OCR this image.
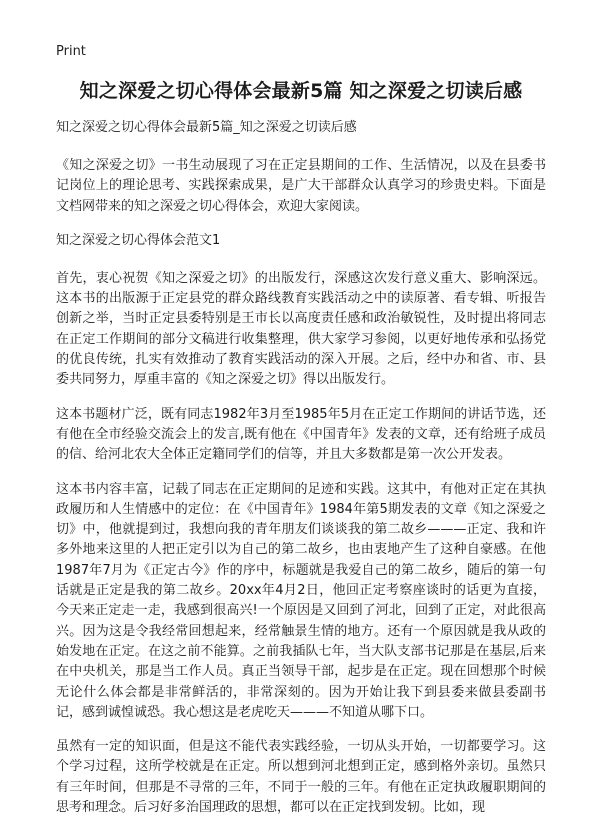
Print
知之深爱之切心得体会最新5篇 知之深爱之切读后感
知之深爱之切心得体会最新5篇_知之深爱之切读后感

《知之深爱之切》一书生动展现了习在正定县期间的工作、生活情况，以及在县委书记岗位上的理论思考、实践探索成果，是广大干部群众认真学习的珍贵史料。下面是文档网带来的知之深爱之切心得体会，欢迎大家阅读。

知之深爱之切心得体会范文1

首先，衷心祝贺《知之深爱之切》的出版发行，深感这次发行意义重大、影响深远。这本书的出版源于正定县党的群众路线教育实践活动之中的读原著、看专辑、听报告创新之举，当时正定县委特别是王市长以高度责任感和政治敏锐性，及时提出将同志在正定工作期间的部分文稿进行收集整理，供大家学习参阅，以更好地传承和弘扬党的优良传统，扎实有效推动了教育实践活动的深入开展。之后，经中办和省、市、县委共同努力，厚重丰富的《知之深爱之切》得以出版发行。

这本书题材广泛，既有同志1982年3月至1985年5月在正定工作期间的讲话节选，还有他在全市经验交流会上的发言,既有他在《中国青年》发表的文章，还有给班子成员的信、给河北农大全体正定籍同学们的信等，并且大多数都是第一次公开发表。

这本书内容丰富，记载了同志在正定期间的足迹和实践。这其中，有他对正定在其执政履历和人生情感中的定位：在《中国青年》1984年第5期发表的文章《知之深爱之切》中，他就提到过，我想向我的青年朋友们谈谈我的第二故乡———正定、我和许多外地来这里的人把正定引以为自己的第二故乡，也由衷地产生了这种自豪感。在他1987年7月为《正定古今》作的序中，标题就是我爱自己的第二故乡，随后的第一句话就是正定是我的第二故乡。20xx年4月2日，他回正定考察座谈时的话更为直接，今天来正定走一走，我感到很高兴!一个原因是又回到了河北，回到了正定，对此很高兴。因为这是令我经常回想起来，经常触景生情的地方。还有一个原因就是我从政的始发地在正定。在这之前不能算。之前我插队七年，当大队支部书记那是在基层,后来在中央机关，那是当工作人员。真正当领导干部，起步是在正定。现在回想那个时候无论什么体会都是非常鲜活的，非常深刻的。因为开始让我下到县委来做县委副书记，感到诚惶诚恐。我心想这是老虎吃天———不知道从哪下口。

虽然有一定的知识面，但是这不能代表实践经验，一切从头开始，一切都要学习。这个学习过程，这所学校就是在正定。所以想到河北想到正定，感到格外亲切。虽然只有三年时间，但那是不寻常的三年，不同于一般的三年。有他在正定执政履职期间的思考和理念。后习好多治国理政的思想，都可以在正定找到发轫。比如，现
